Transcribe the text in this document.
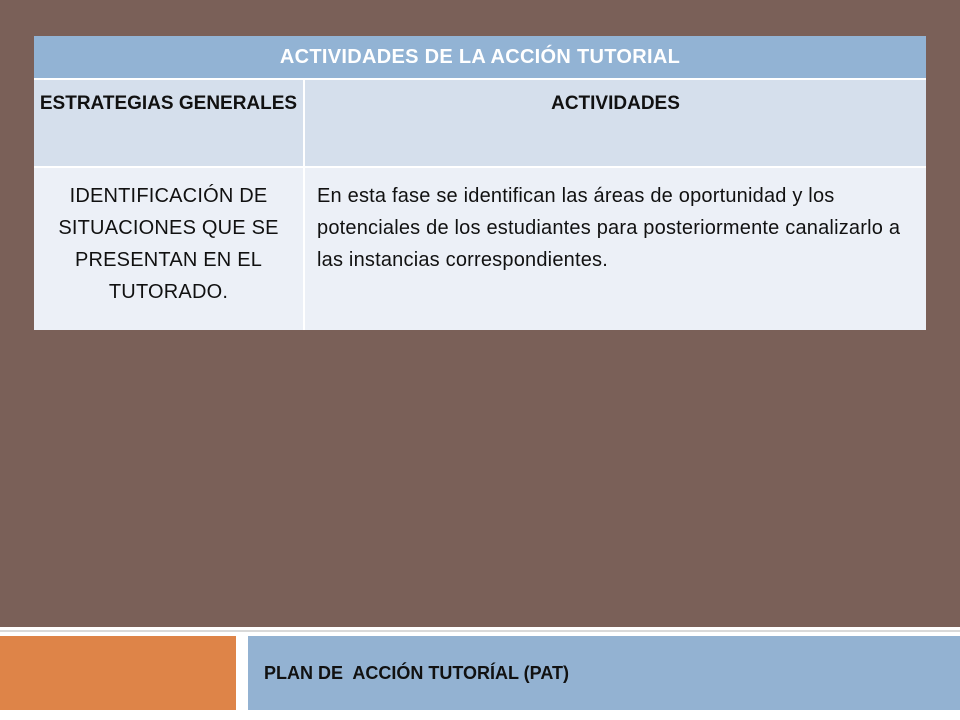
ACTIVIDADES DE LA ACCIÓN TUTORIAL	
ESTRATEGIAS GENERALES	ACTIVIDADES
IDENTIFICACIÓN DE SITUACIONES QUE SE PRESENTAN EN EL TUTORADO.	En esta fase se identifican las áreas de oportunidad y los potenciales de los estudiantes para posteriormente canalizarlo a las instancias correspondientes.
PLAN DE  ACCIÓN TUTORÍAL (PAT)
